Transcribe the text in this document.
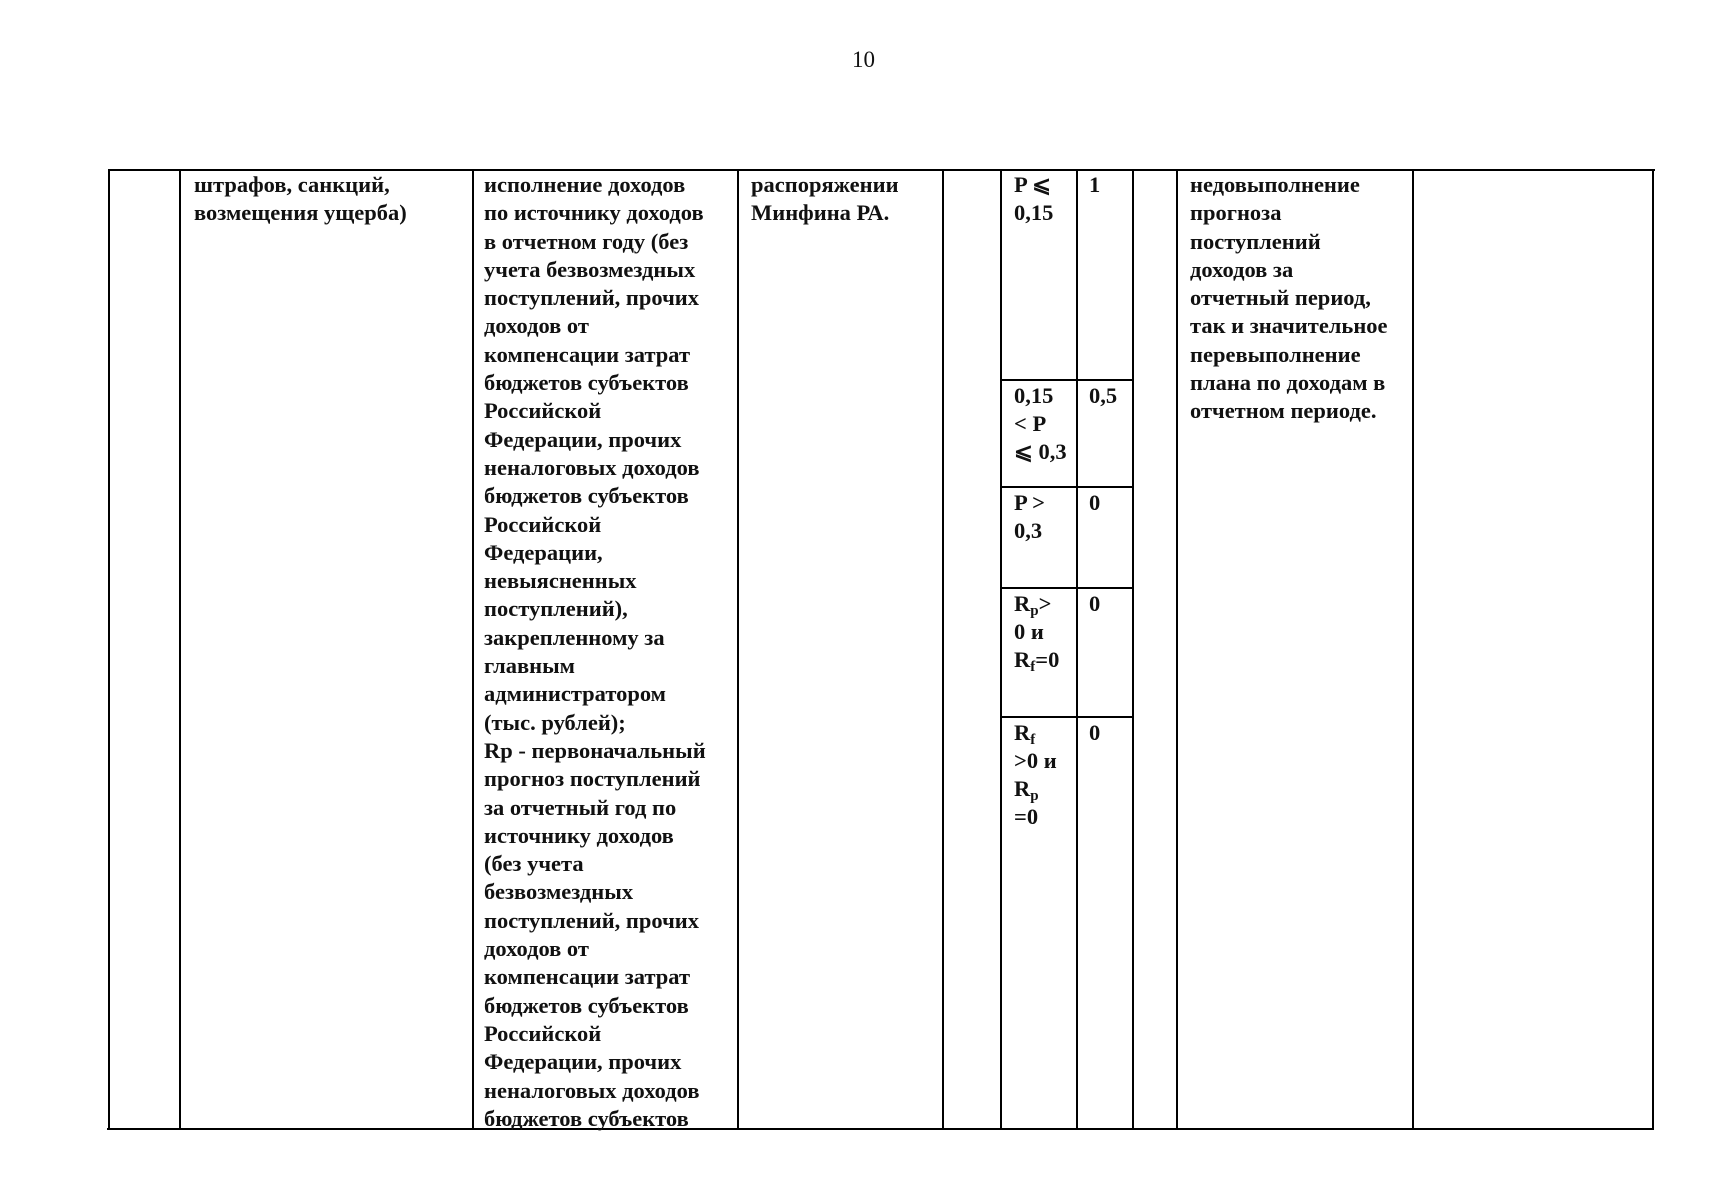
10
штрафов, санкций,
возмещения ущерба)
исполнение доходов
по источнику доходов
в отчетном году (без
учета безвозмездных
поступлений, прочих
доходов от
компенсации затрат
бюджетов субъектов
Российской
Федерации, прочих
неналоговых доходов
бюджетов субъектов
Российской
Федерации,
невыясненных
поступлений),
закрепленному за
главным
администратором
(тыс. рублей);
Rp - первоначальный
прогноз поступлений
за отчетный год по
источнику доходов
(без учета
безвозмездных
поступлений, прочих
доходов от
компенсации затрат
бюджетов субъектов
Российской
Федерации, прочих
неналоговых доходов
бюджетов субъектов
распоряжении
Минфина РА.
P ⩽
0,15
1
0,15
< P
⩽ 0,3
0,5
P >
0,3
0
$R_p>$
0 и
$R_f=0$
0
$R_f$
>0 и
$R_p$
=0
0
недовыполнение
прогноза
поступлений
доходов за
отчетный период,
так и значительное
перевыполнение
плана по доходам в
отчетном периоде.
